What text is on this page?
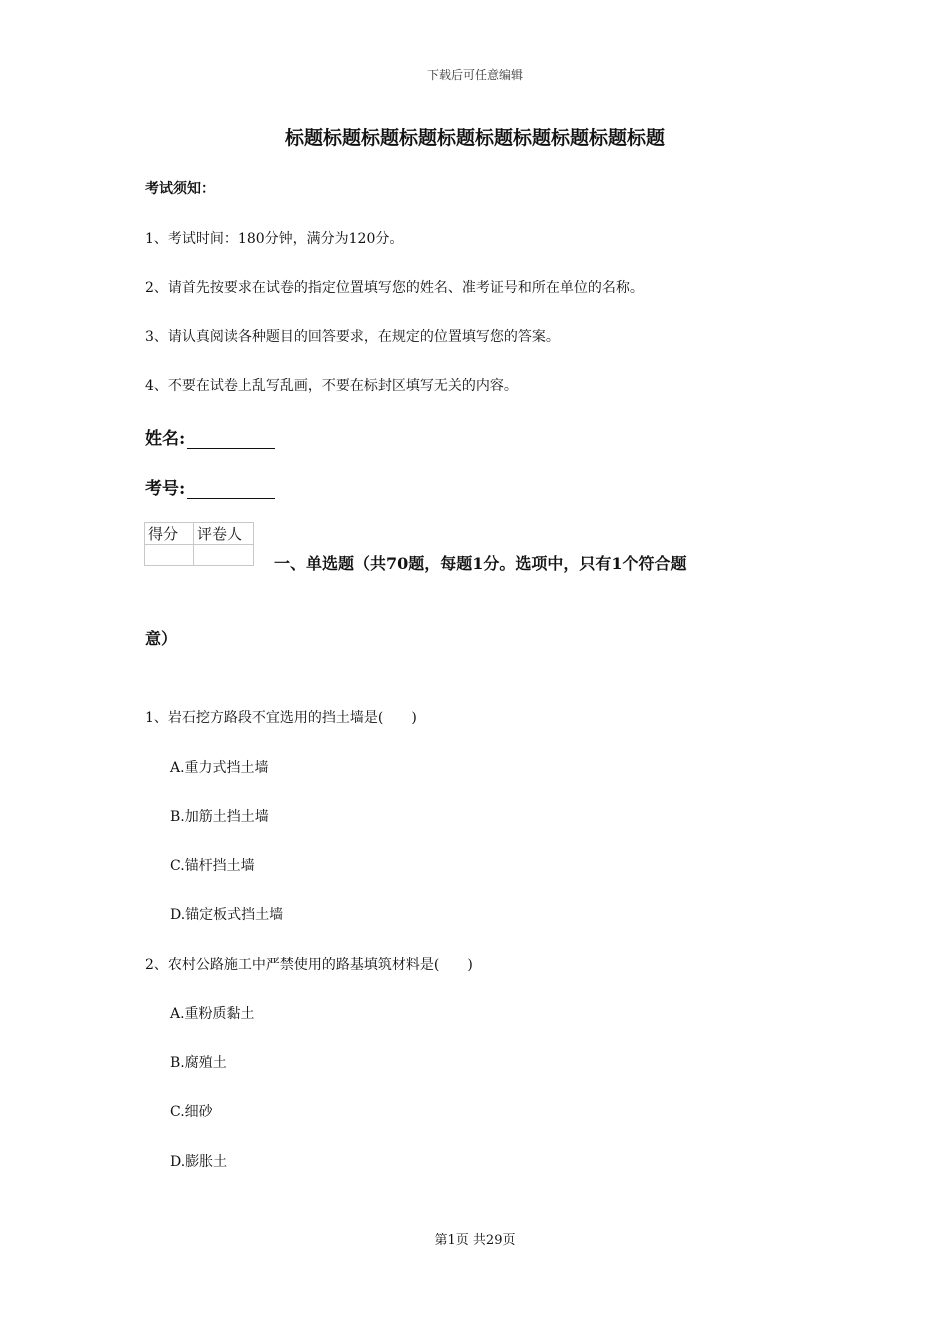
下载后可任意编辑
标题标题标题标题标题标题标题标题标题标题
考试须知：
1、考试时间：180分钟，满分为120分。
2、请首先按要求在试卷的指定位置填写您的姓名、准考证号和所在单位的名称。
3、请认真阅读各种题目的回答要求，在规定的位置填写您的答案。
4、不要在试卷上乱写乱画，不要在标封区填写无关的内容。
姓名:
考号:
得分	评卷人

一、单选题（共70题，每题1分。选项中，只有1个符合题
意）
1、岩石挖方路段不宜选用的挡土墙是(　　)
A.重力式挡土墙
B.加筋土挡土墙
C.锚杆挡土墙
D.锚定板式挡土墙
2、农村公路施工中严禁使用的路基填筑材料是(　　)
A.重粉质黏土
B.腐殖土
C.细砂
D.膨胀土
第1页 共29页
